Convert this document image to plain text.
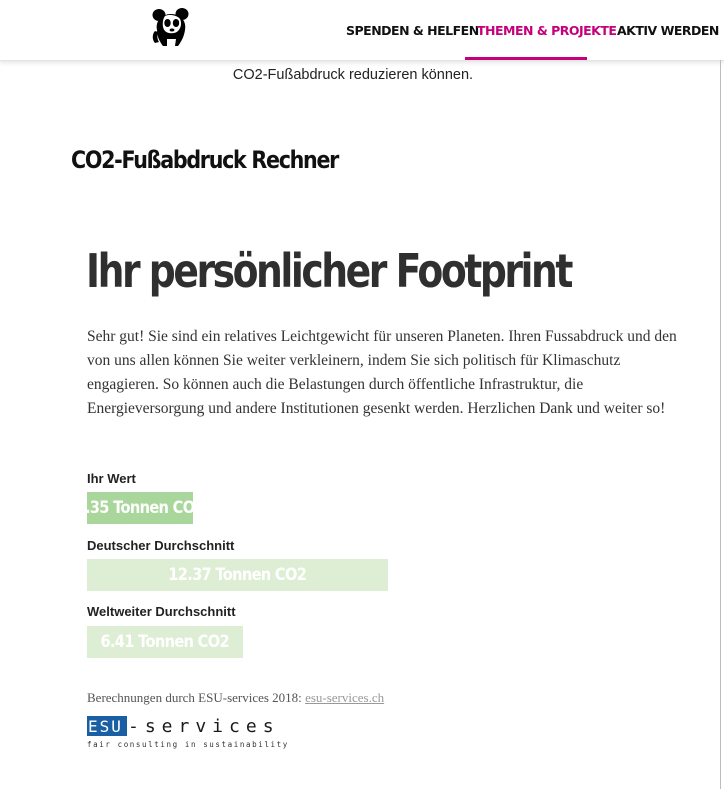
SPENDEN & HELFEN
THEMEN & PROJEKTE AKTIV WERDEN
CO2-Fußabdruck reduzieren können.
CO2-Fußabdruck Rechner
Ihr persönlicher Footprint
Sehr gut! Sie sind ein relatives Leichtgewicht für unseren Planeten. Ihren Fussabdruck und den von uns allen können Sie weiter verkleinern, indem Sie sich politisch für Klimaschutz engagieren. So können auch die Belastungen durch öffentliche Infrastruktur, die Energieversorgung und andere Institutionen gesenkt werden. Herzlichen Dank und weiter so!
Ihr Wert
4.35 Tonnen CO2
Deutscher Durchschnitt
12.37 Tonnen CO2
Weltweiter Durchschnitt
6.41 Tonnen CO2
Berechnungen durch ESU-services 2018: esu-services.ch
ESU -services
fair consulting in sustainability
